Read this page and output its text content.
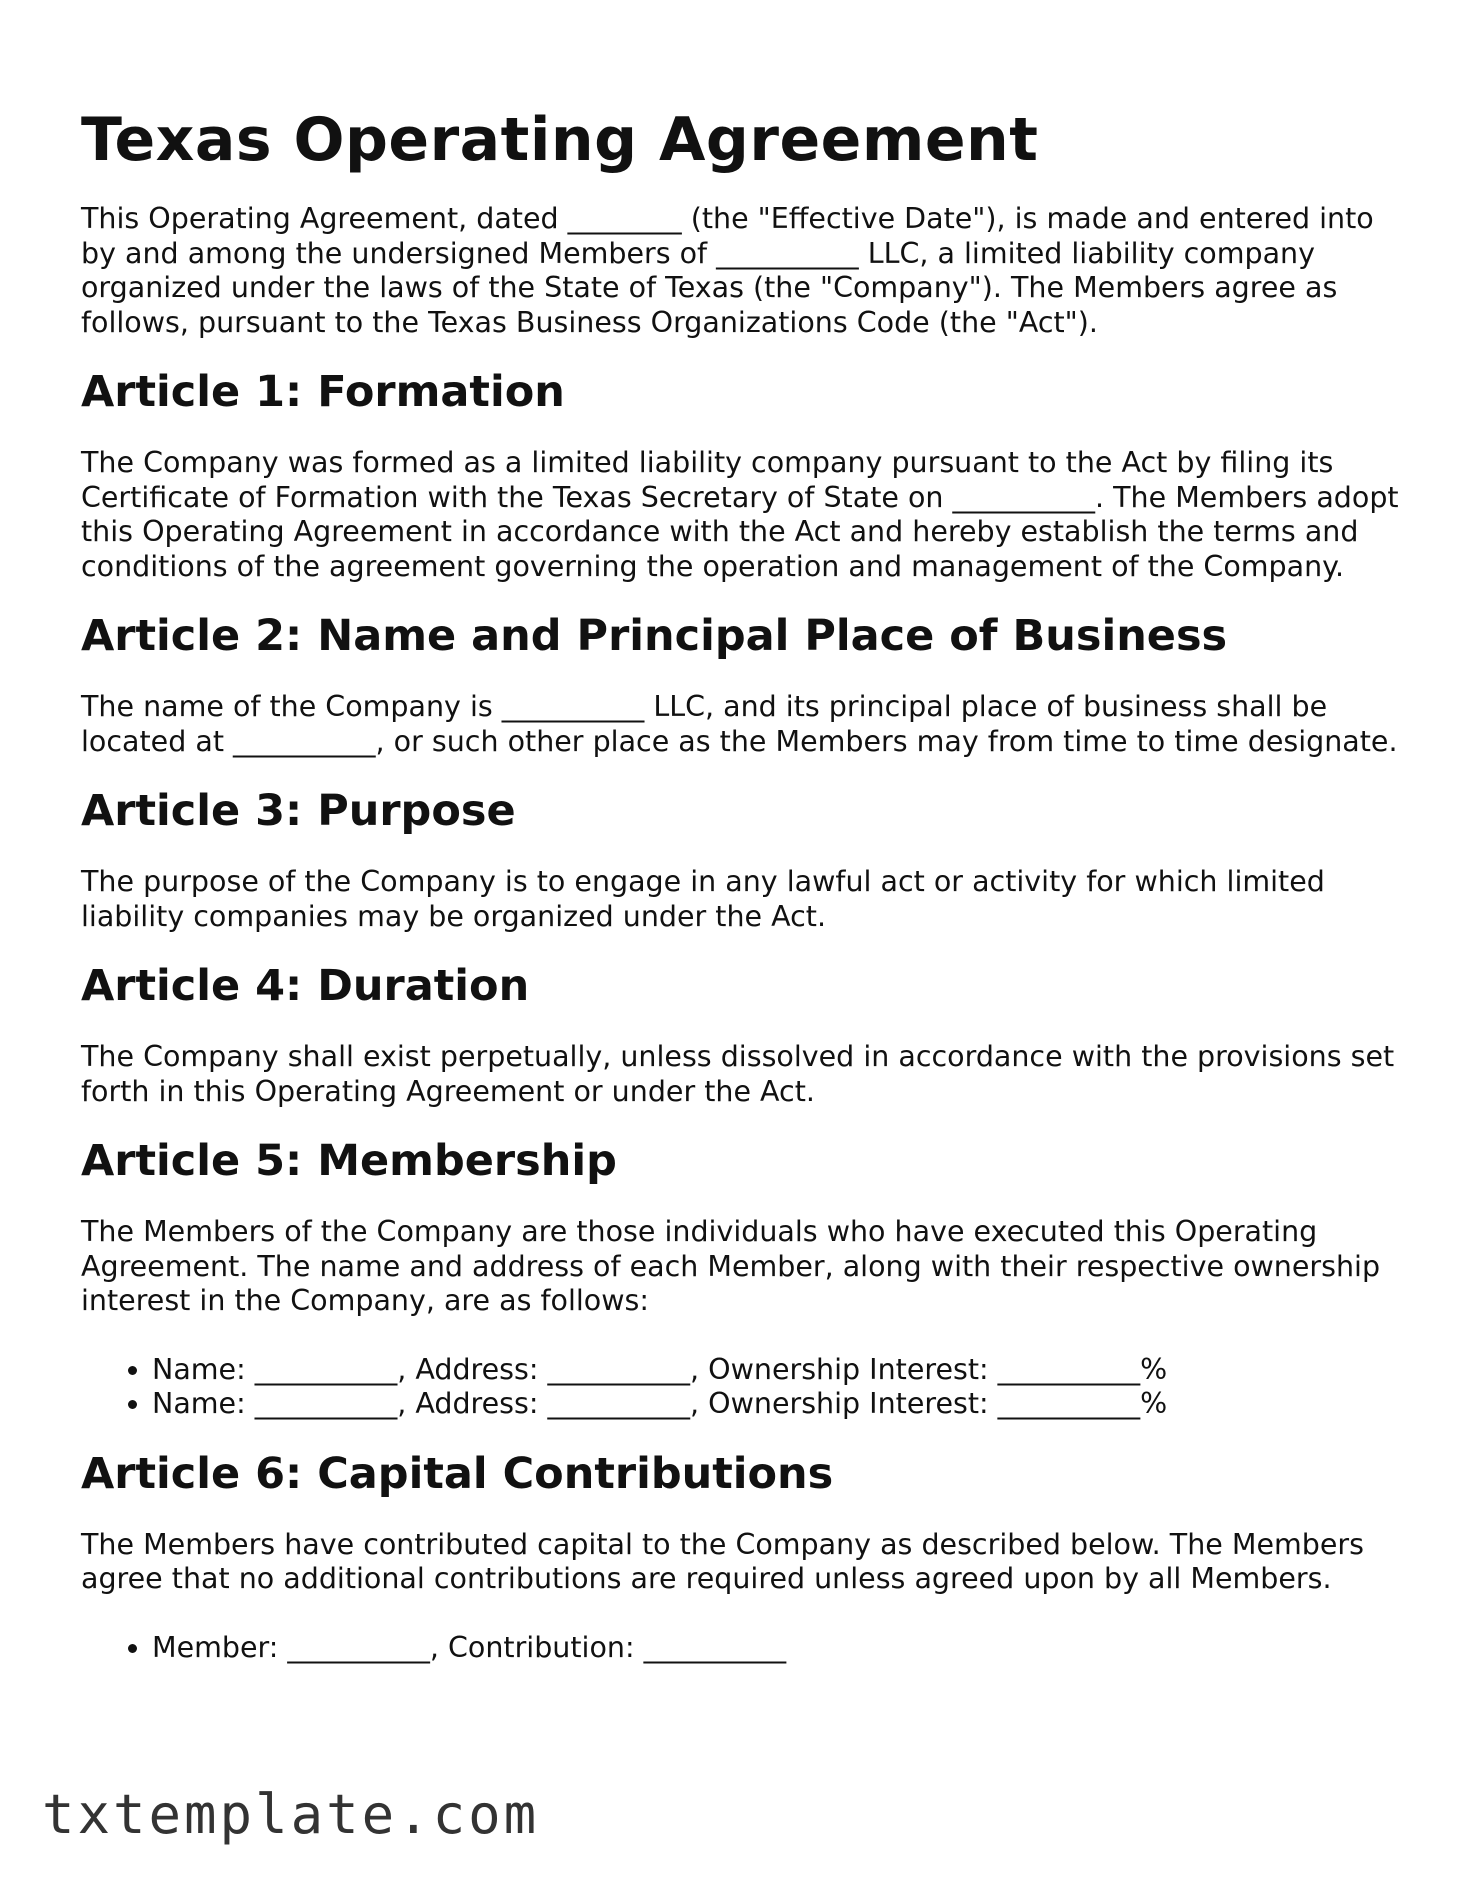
Texas Operating Agreement

This Operating Agreement, dated ________ (the "Effective Date"), is made and entered into by and among the undersigned Members of __________ LLC, a limited liability company organized under the laws of the State of Texas (the "Company"). The Members agree as follows, pursuant to the Texas Business Organizations Code (the "Act").

Article 1: Formation

The Company was formed as a limited liability company pursuant to the Act by filing its Certificate of Formation with the Texas Secretary of State on __________. The Members adopt this Operating Agreement in accordance with the Act and hereby establish the terms and conditions of the agreement governing the operation and management of the Company.

Article 2: Name and Principal Place of Business

The name of the Company is __________ LLC, and its principal place of business shall be located at __________, or such other place as the Members may from time to time designate.

Article 3: Purpose

The purpose of the Company is to engage in any lawful act or activity for which limited liability companies may be organized under the Act.

Article 4: Duration

The Company shall exist perpetually, unless dissolved in accordance with the provisions set forth in this Operating Agreement or under the Act.

Article 5: Membership

The Members of the Company are those individuals who have executed this Operating Agreement. The name and address of each Member, along with their respective ownership interest in the Company, are as follows:

• Name: __________, Address: __________, Ownership Interest: __________%
• Name: __________, Address: __________, Ownership Interest: __________%
Article 6: Capital Contributions

The Members have contributed capital to the Company as described below. The Members agree that no additional contributions are required unless agreed upon by all Members.

• Member: __________, Contribution: __________
txtemplate.com
